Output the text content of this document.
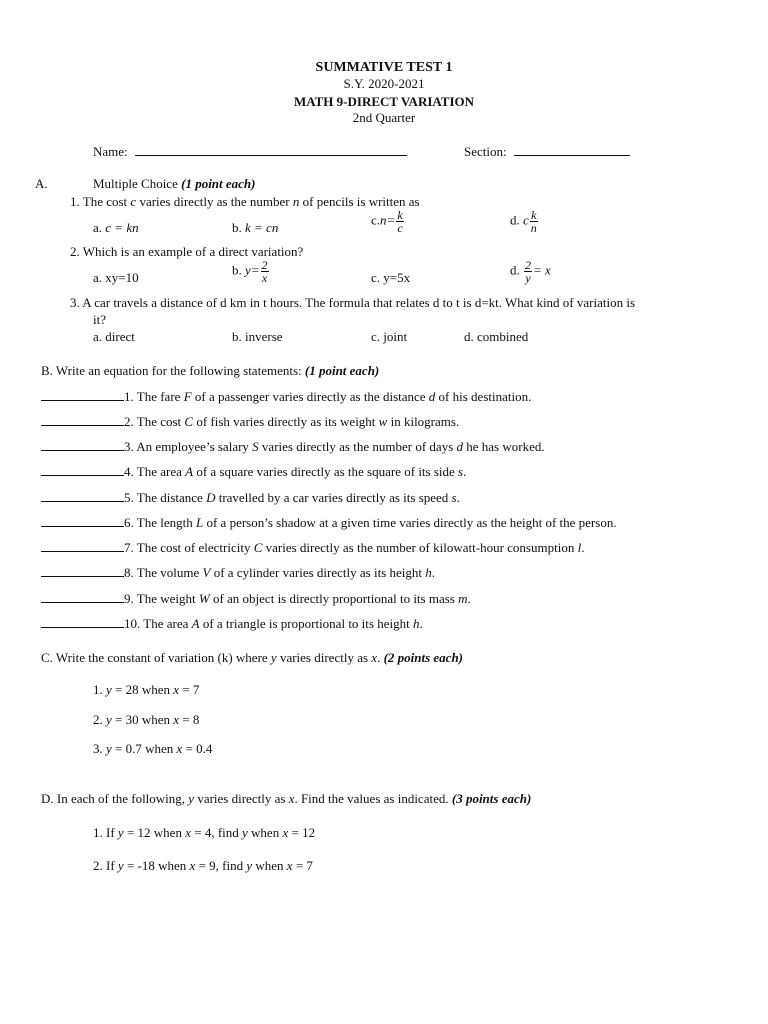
SUMMATIVE TEST 1
S.Y. 2020-2021
MATH 9-DIRECT VARIATION
2nd Quarter
Name:	Section:
A.	Multiple Choice (1 point each)
1. The cost c varies directly as the number n of pencils is written as
a. c = kn	b. k = cn
$c.n= \frac{k}{c}$	d. c $\frac{k}{n}$
2. Which is an example of a direct variation?
a. xy=10
b. $y= \frac{2}{x}$	c. y=5x
d. $\frac{2}{y} = x$
3. A car travels a distance of d km in t hours. The formula that relates d to t is d=kt. What kind of variation is
it?
a. direct	b. inverse	c. joint	d. combined
B. Write an equation for the following statements: (1 point each)
1. The fare F of a passenger varies directly as the distance d of his destination.
2. The cost C of fish varies directly as its weight w in kilograms.
3. An employee’s salary S varies directly as the number of days d he has worked.
4. The area A of a square varies directly as the square of its side s.
5. The distance D travelled by a car varies directly as its speed s.
6. The length L of a person’s shadow at a given time varies directly as the height of the person.
7. The cost of electricity C varies directly as the number of kilowatt-hour consumption l.
8. The volume V of a cylinder varies directly as its height h.
9. The weight W of an object is directly proportional to its mass m.
10. The area A of a triangle is proportional to its height h.
C. Write the constant of variation (k) where y varies directly as x. (2 points each)
1. y = 28 when x = 7
2. y = 30 when x = 8
3. y = 0.7 when x = 0.4
D. In each of the following, y varies directly as x. Find the values as indicated. (3 points each)
1. If y = 12 when x = 4, find y when x = 12
2. If y = -18 when x = 9, find y when x = 7
